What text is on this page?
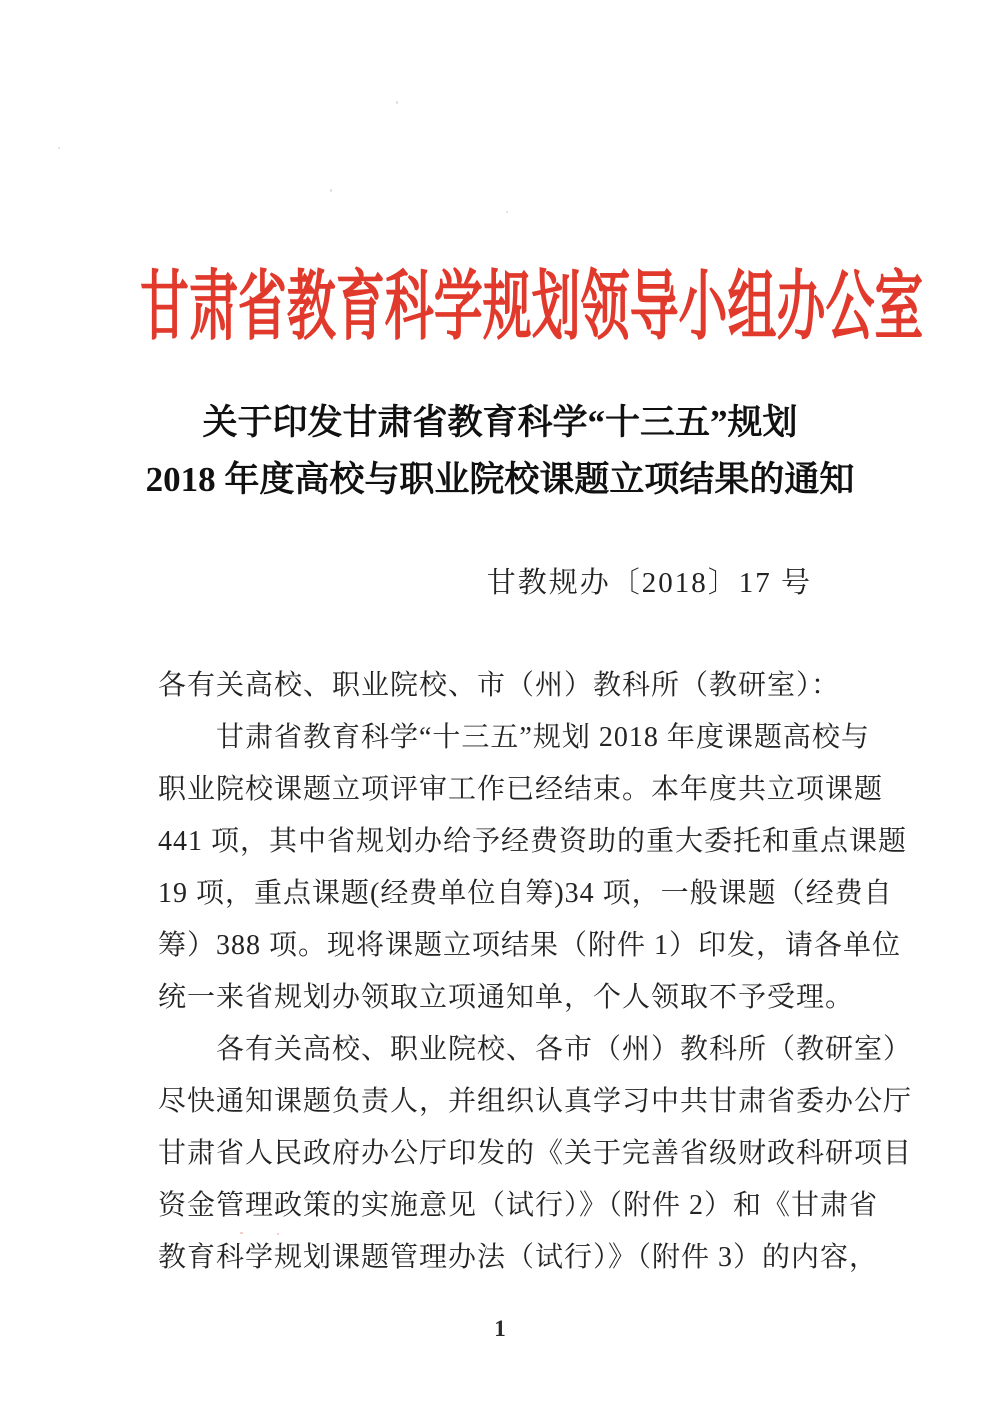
甘肃省教育科学规划领导小组办公室
关于印发甘肃省教育科学“十三五”规划
2018 年度高校与职业院校课题立项结果的通知
甘教规办〔2018〕17 号
各有关高校、职业院校、市（州）教科所（教研室）：
甘肃省教育科学“十三五”规划 2018 年度课题高校与
职业院校课题立项评审工作已经结束。本年度共立项课题
441 项，其中省规划办给予经费资助的重大委托和重点课题
19 项，重点课题(经费单位自筹)34 项，一般课题（经费自
筹）388 项。现将课题立项结果（附件 1）印发，请各单位
统一来省规划办领取立项通知单，个人领取不予受理。
各有关高校、职业院校、各市（州）教科所（教研室）
尽快通知课题负责人，并组织认真学习中共甘肃省委办公厅
甘肃省人民政府办公厅印发的《关于完善省级财政科研项目
资金管理政策的实施意见（试行）》（附件 2）和《甘肃省
教育科学规划课题管理办法（试行）》（附件 3）的内容，
1
